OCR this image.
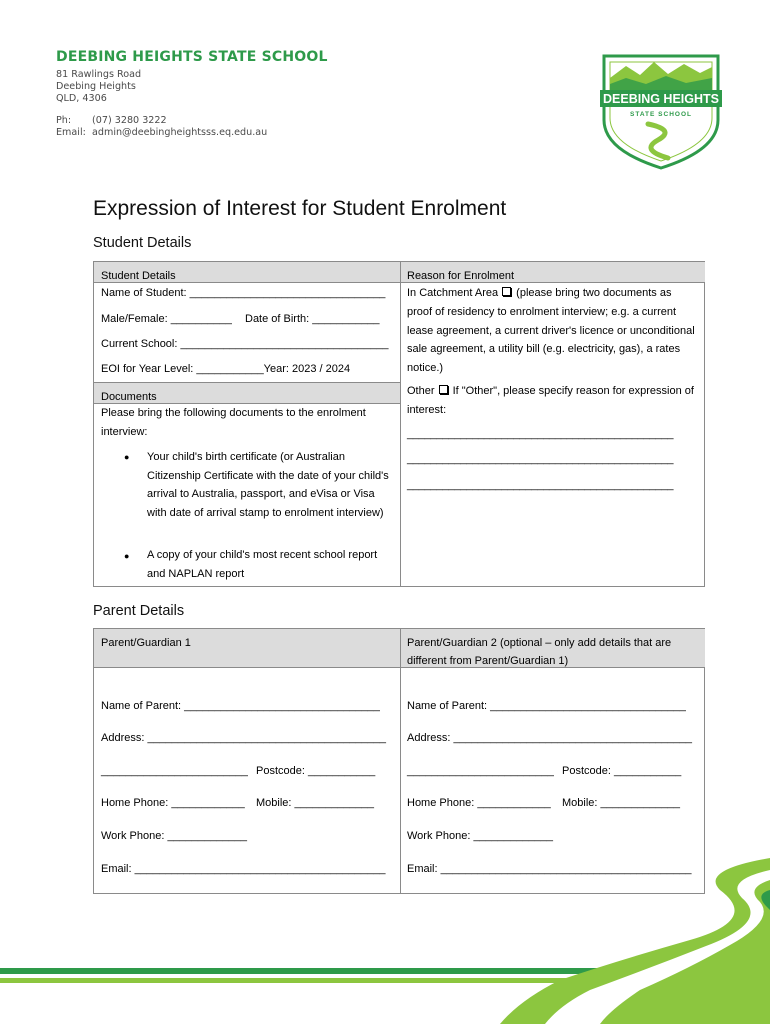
DEEBING HEIGHTS STATE SCHOOL
81 Rawlings Road
Deebing Heights
QLD, 4306
Ph: (07) 3280 3222
Email: admin@deebingheightsss.eq.edu.au
DEEBING HEIGHTS
STATE SCHOOL
Expression of Interest for Student Enrolment
Student Details
Student Details	Reason for Enrolment
Name of Student: ________________________________
Male/Female: __________ Date of Birth: ___________
Current School: __________________________________
EOI for Year Level: ___________Year: 2023 / 2024
Documents
Please bring the following documents to the enrolment interview:
● Your child's birth certificate (or Australian Citizenship Certificate with the date of your child's arrival to Australia, passport, and eVisa or Visa with date of arrival stamp to enrolment interview)
● A copy of your child's most recent school report and NAPLAN report
In Catchment Area (please bring two documents as
proof of residency to enrolment interview; e.g. a current lease agreement, a current driver's licence or unconditional sale agreement, a utility bill (e.g. electricity, gas), a rates notice.)
Other If "Other", please specify reason for expression of interest:
_____________________________________________
_____________________________________________
_____________________________________________
Parent Details
Parent/Guardian 1	Parent/Guardian 2 (optional – only add details that are different from Parent/Guardian 1)
Name of Parent: ________________________________
Address: _______________________________________
________________________ Postcode: ___________
Home Phone: ____________ Mobile: _____________
Work Phone: _____________
Email: _________________________________________
Name of Parent: ________________________________
Address: _______________________________________
________________________ Postcode: ___________
Home Phone: ____________ Mobile: _____________
Work Phone: _____________
Email: _________________________________________
